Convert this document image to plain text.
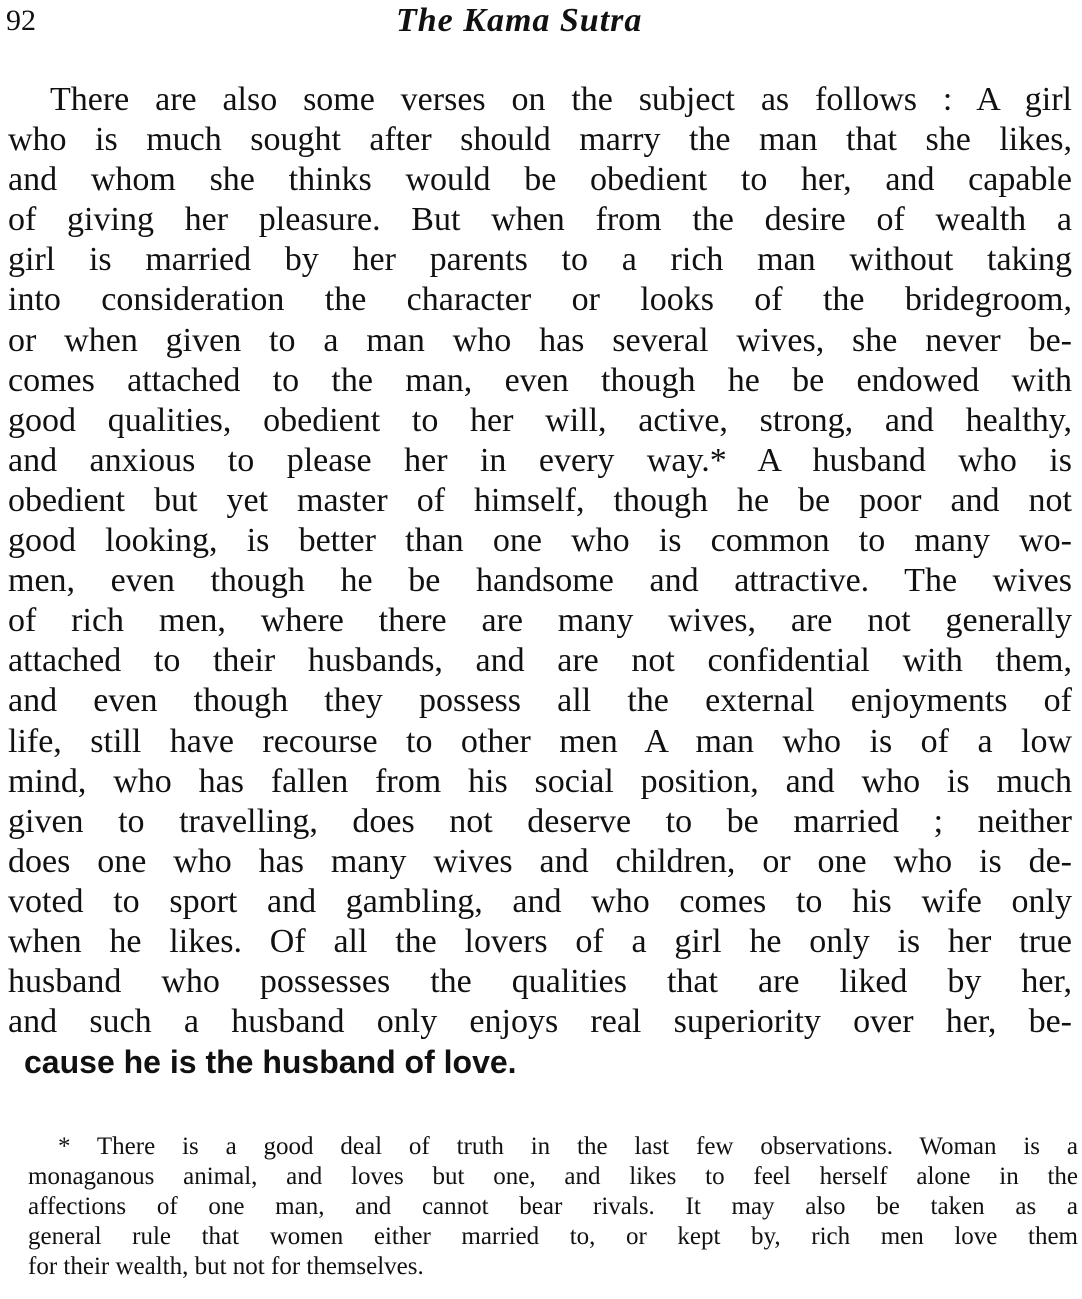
92	The Kama Sutra
There are also some verses on the subject as follows : A girl
who is much sought after should marry the man that she likes,
and whom she thinks would be obedient to her, and capable
of giving her pleasure. But when from the desire of wealth a
girl is married by her parents to a rich man without taking
into consideration the character or looks of the bridegroom,
or when given to a man who has several wives, she never be-
comes attached to the man, even though he be endowed with
good qualities, obedient to her will, active, strong, and healthy,
and anxious to please her in every way.* A husband who is
obedient but yet master of himself, though he be poor and not
good looking, is better than one who is common to many wo-
men, even though he be handsome and attractive. The wives
of rich men, where there are many wives, are not generally
attached to their husbands, and are not confidential with them,
and even though they possess all the external enjoyments of
life, still have recourse to other men A man who is of a low
mind, who has fallen from his social position, and who is much
given to travelling, does not deserve to be married ; neither
does one who has many wives and children, or one who is de-
voted to sport and gambling, and who comes to his wife only
when he likes. Of all the lovers of a girl he only is her true
husband who possesses the qualities that are liked by her,
and such a husband only enjoys real superiority over her, be-
cause he is the husband of love.
* There is a good deal of truth in the last few observations. Woman is a
monaganous animal, and loves but one, and likes to feel herself alone in the
affections of one man, and cannot bear rivals. It may also be taken as a
general rule that women either married to, or kept by, rich men love them
for their wealth, but not for themselves.
